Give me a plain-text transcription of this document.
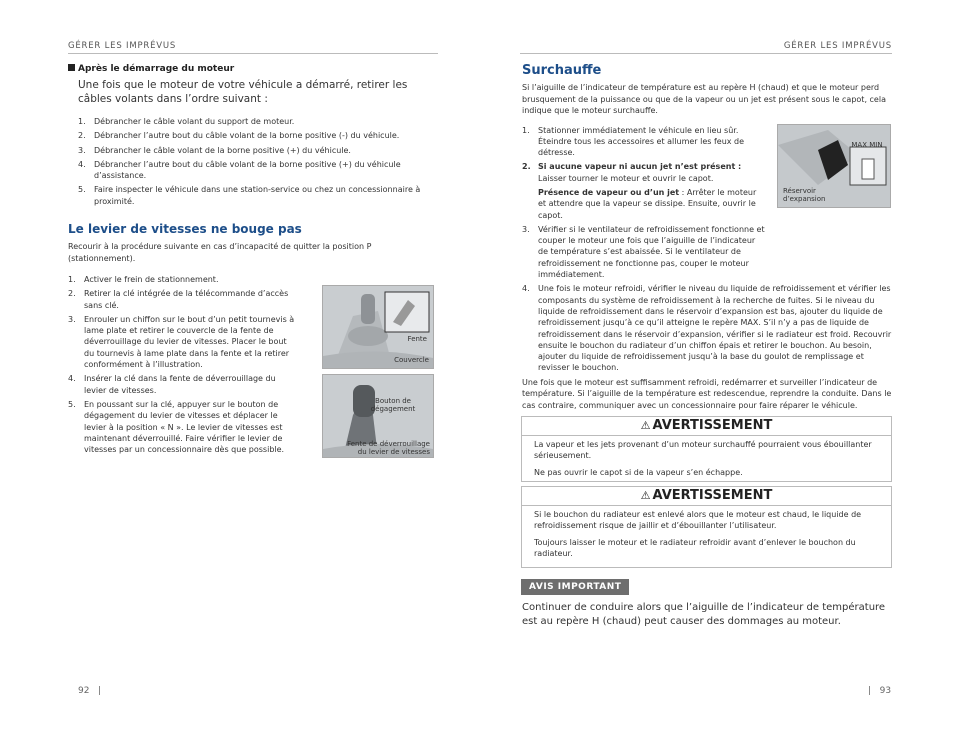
GÉRER LES IMPRÉVUS	GÉRER LES IMPRÉVUS
Après le démarrage du moteur

Une fois que le moteur de votre véhicule a démarré, retirer les câbles volants dans l’ordre suivant :

1. Débrancher le câble volant du support de moteur.
2. Débrancher l’autre bout du câble volant de la borne positive (-) du véhicule.
3. Débrancher le câble volant de la borne positive (+) du véhicule.
4. Débrancher l’autre bout du câble volant de la borne positive (+) du véhicule d’assistance.
5. Faire inspecter le véhicule dans une station-service ou chez un concessionnaire à proximité.
Le levier de vitesses ne bouge pas

Recourir à la procédure suivante en cas d’incapacité de quitter la position P (stationnement).

1. Activer le frein de stationnement.
2. Retirer la clé intégrée de la télécommande d’accès sans clé.
3. Enrouler un chiffon sur le bout d’un petit tournevis à lame plate et retirer le couvercle de la fente de déverrouillage du levier de vitesses. Placer le bout du tournevis à lame plate dans la fente et la retirer conformément à l’illustration.
4. Insérer la clé dans la fente de déverrouillage du levier de vitesses.
5. En poussant sur la clé, appuyer sur le bouton de dégagement du levier de vitesses et déplacer le levier à la position « N ». Le levier de vitesses est maintenant déverrouillé. Faire vérifier le levier de vitesses par un concessionnaire dès que possible.
Fente
Couvercle
Bouton de dégagement
Fente de déverrouillage du levier de vitesses
Surchauffe

Si l’aiguille de l’indicateur de température est au repère H (chaud) et que le moteur perd brusquement de la puissance ou que de la vapeur ou un jet est présent sous le capot, cela indique que le moteur surchauffe.

1. Stationner immédiatement le véhicule en lieu sûr. Éteindre tous les accessoires et allumer les feux de détresse.
2. Si aucune vapeur ni aucun jet n’est présent : Laisser tourner le moteur et ouvrir le capot.
Présence de vapeur ou d’un jet : Arrêter le moteur et attendre que la vapeur se dissipe. Ensuite, ouvrir le capot.
3. Vérifier si le ventilateur de refroidissement fonctionne et couper le moteur une fois que l’aiguille de l’indicateur de température s’est abaissée. Si le ventilateur de refroidissement ne fonctionne pas, couper le moteur immédiatement.
4. Une fois le moteur refroidi, vérifier le niveau du liquide de refroidissement et vérifier les composants du système de refroidissement à la recherche de fuites. Si le niveau du liquide de refroidissement dans le réservoir d’expansion est bas, ajouter du liquide de refroidissement jusqu’à ce qu’il atteigne le repère MAX. S’il n’y a pas de liquide de refroidissement dans le réservoir d’expansion, vérifier si le radiateur est froid. Recouvrir ensuite le bouchon du radiateur d’un chiffon épais et retirer le bouchon. Au besoin, ajouter du liquide de refroidissement jusqu’à la base du goulot de remplissage et revisser le bouchon.

Une fois que le moteur est suffisamment refroidi, redémarrer et surveiller l’indicateur de température. Si l’aiguille de la température est redescendue, reprendre la conduite. Dans le cas contraire, communiquer avec un concessionnaire pour faire réparer le véhicule.

MAX MIN
Réservoir d’expansion
⚠ AVERTISSEMENT

La vapeur et les jets provenant d’un moteur surchauffé pourraient vous ébouillanter sérieusement.

Ne pas ouvrir le capot si de la vapeur s’en échappe.

⚠ AVERTISSEMENT

Si le bouchon du radiateur est enlevé alors que le moteur est chaud, le liquide de refroidissement risque de jaillir et d’ébouillanter l’utilisateur.

Toujours laisser le moteur et le radiateur refroidir avant d’enlever le bouchon du radiateur.

AVIS IMPORTANT

Continuer de conduire alors que l’aiguille de l’indicateur de température est au repère H (chaud) peut causer des dommages au moteur.

92   |	|   93
